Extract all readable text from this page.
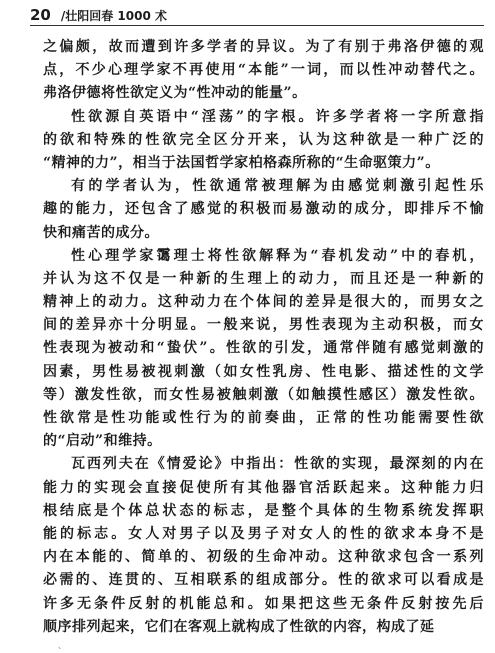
20 /壮阳回春 1000 术
之偏颇，故而遭到许多学者的异议。为了有别于弗洛伊德的观
点，不少心理学家不再使用“本能”一词，而以性冲动替代之。
弗洛伊德将性欲定义为“性冲动的能量”。
性欲源自英语中“淫荡”的字根。许多学者将一字所意指
的欲和特殊的性欲完全区分开来，认为这种欲是一种广泛的
“精神的力”，相当于法国哲学家柏格森所称的“生命驱策力”。
有的学者认为，性欲通常被理解为由感觉刺激引起性乐
趣的能力，还包含了感觉的积极而易激动的成分，即排斥不愉
快和痛苦的成分。
性心理学家霭理士将性欲解释为“春机发动”中的春机，
并认为这不仅是一种新的生理上的动力，而且还是一种新的
精神上的动力。这种动力在个体间的差异是很大的，而男女之
间的差异亦十分明显。一般来说，男性表现为主动积极，而女
性表现为被动和“蛰伏”。性欲的引发，通常伴随有感觉刺激的
因素，男性易被视刺激（如女性乳房、性电影、描述性的文学
等）激发性欲，而女性易被触刺激（如触摸性感区）激发性欲。
性欲常是性功能或性行为的前奏曲，正常的性功能需要性欲
的“启动”和维持。
瓦西列夫在《情爱论》中指出：性欲的实现，最深刻的内在
能力的实现会直接促使所有其他器官活跃起来。这种能力归
根结底是个体总状态的标志，是整个具体的生物系统发挥职
能的标志。女人对男子以及男子对女人的性的欲求本身不是
内在本能的、简单的、初级的生命冲动。这种欲求包含一系列
必需的、连贯的、互相联系的组成部分。性的欲求可以看成是
许多无条件反射的机能总和。如果把这些无条件反射按先后
顺序排列起来，它们在客观上就构成了性欲的内容，构成了延
、
